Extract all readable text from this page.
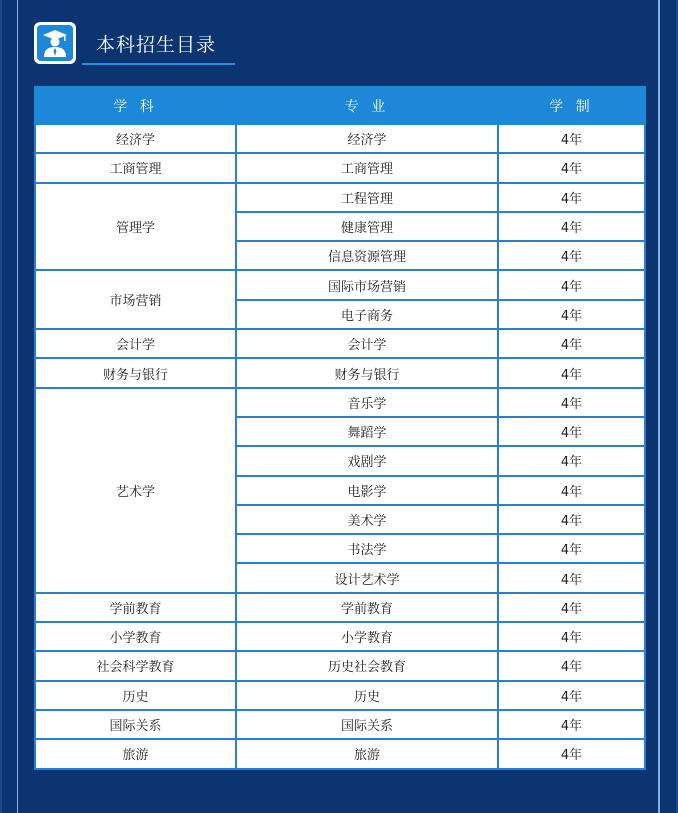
本科招生目录
学 科	专 业	学 制
经济学	经济学	4年
工商管理	工商管理	4年
管理学	工程管理	4年
	健康管理	4年
	信息资源管理	4年
市场营销	国际市场营销	4年
	电子商务	4年
会计学	会计学	4年
财务与银行	财务与银行	4年
艺术学	音乐学	4年
	舞蹈学	4年
	戏剧学	4年
	电影学	4年
	美术学	4年
	书法学	4年
	设计艺术学	4年
学前教育	学前教育	4年
小学教育	小学教育	4年
社会科学教育	历史社会教育	4年
历史	历史	4年
国际关系	国际关系	4年
旅游	旅游	4年
